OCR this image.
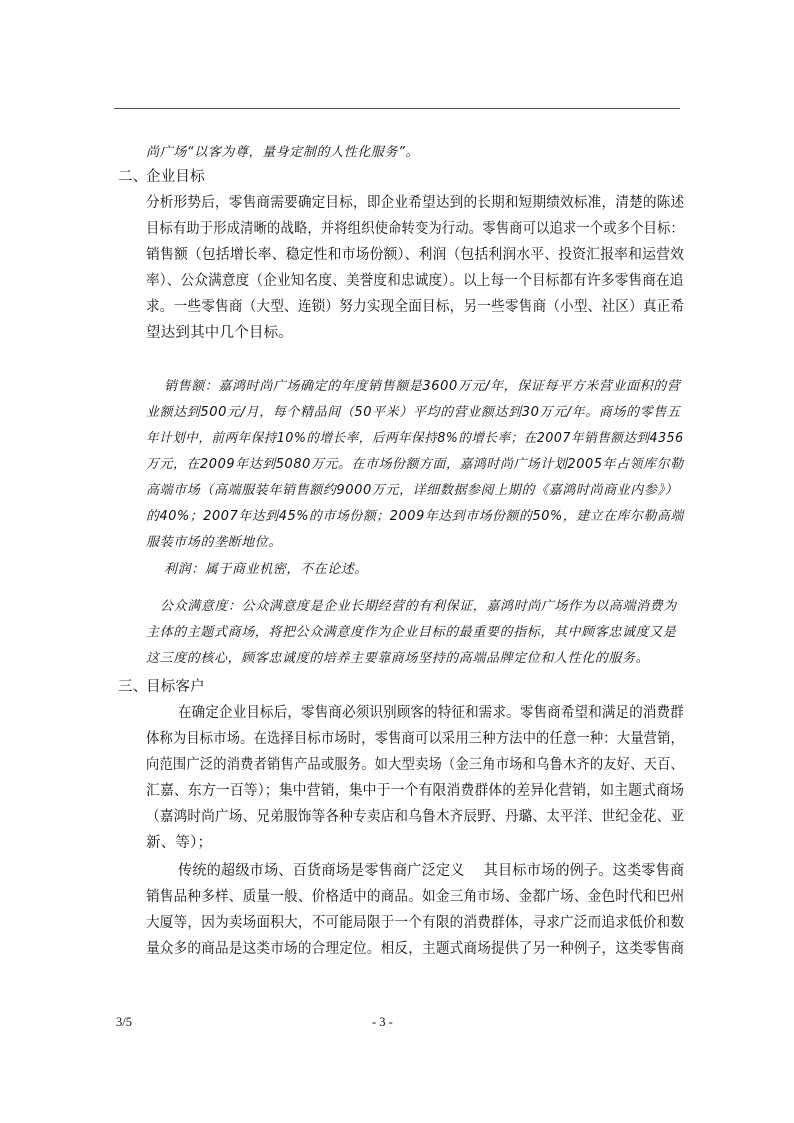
尚广场“以客为尊，量身定制的人性化服务”。
二、
企业目标
分析形势后，零售商需要确定目标，即企业希望达到的长期和短期绩效标准，清楚的陈述
目标有助于形成清晰的战略，并将组织使命转变为行动。零售商可以追求一个或多个目标：
销售额（包括增长率、稳定性和市场份额）、利润（包括利润水平、投资汇报率和运营效
率）、公众满意度（企业知名度、美誉度和忠诚度）。以上每一个目标都有许多零售商在追
求。一些零售商（大型、连锁）努力实现全面目标，另一些零售商（小型、社区）真正希
望达到其中几个目标。
销售额：嘉鸿时尚广场确定的年度销售额是3600万元/年，保证每平方米营业面积的营
业额达到500元/月，每个精品间（50平米）平均的营业额达到30万元/年。商场的零售五
年计划中，前两年保持10%的增长率，后两年保持8%的增长率；在2007年销售额达到4356
万元，在2009年达到5080万元。在市场份额方面，嘉鸿时尚广场计划2005年占领库尔勒
高端市场（高端服装年销售额约9000万元，详细数据参阅上期的《嘉鸿时尚商业内参》）
的40%；2007年达到45%的市场份额；2009年达到市场份额的50%，建立在库尔勒高端
服装市场的垄断地位。
利润：属于商业机密，不在论述。
公众满意度：公众满意度是企业长期经营的有利保证，嘉鸿时尚广场作为以高端消费为
主体的主题式商场，将把公众满意度作为企业目标的最重要的指标，其中顾客忠诚度又是
这三度的核心，顾客忠诚度的培养主要靠商场坚持的高端品牌定位和人性化的服务。
三、
目标客户
在确定企业目标后，零售商必须识别顾客的特征和需求。零售商希望和满足的消费群
体称为目标市场。在选择目标市场时，零售商可以采用三种方法中的任意一种：大量营销，
向范围广泛的消费者销售产品或服务。如大型卖场（金三角市场和乌鲁木齐的友好、天百、
汇嘉、东方一百等）；集中营销，集中于一个有限消费群体的差异化营销，如主题式商场
（嘉鸿时尚广场、兄弟服饰等各种专卖店和乌鲁木齐辰野、丹璐、太平洋、世纪金花、亚
新、等）；
传统的超级市场、百货商场是零售商广泛定义　 其目标市场的例子。这类零售商
销售品种多样、质量一般、价格适中的商品。如金三角市场、金都广场、金色时代和巴州
大厦等，因为卖场面积大，不可能局限于一个有限的消费群体，寻求广泛而追求低价和数
量众多的商品是这类市场的合理定位。相反，主题式商场提供了另一种例子，这类零售商
3/5	- 3 -
